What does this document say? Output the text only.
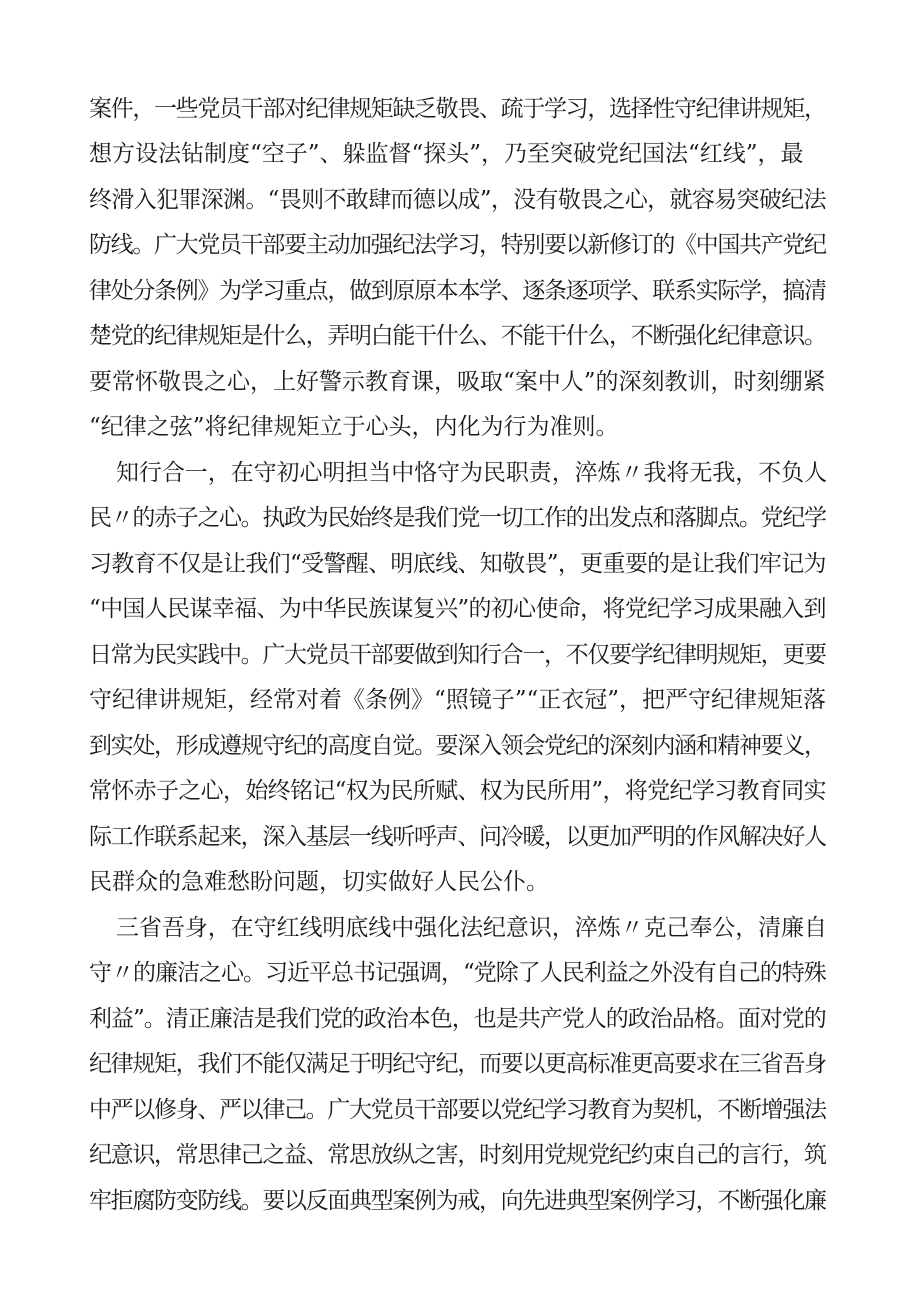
案件，一些党员干部对纪律规矩缺乏敬畏、疏于学习，选择性守纪律讲规矩，
想方设法钻制度“空子”、躲监督“探头”，乃至突破党纪国法“红线”，最
终滑入犯罪深渊。“畏则不敢肆而德以成”，没有敬畏之心，就容易突破纪法
防线。广大党员干部要主动加强纪法学习，特别要以新修订的《中国共产党纪
律处分条例》为学习重点，做到原原本本学、逐条逐项学、联系实际学，搞清
楚党的纪律规矩是什么，弄明白能干什么、不能干什么，不断强化纪律意识。
要常怀敬畏之心，上好警示教育课，吸取“案中人”的深刻教训，时刻绷紧
“纪律之弦”将纪律规矩立于心头，内化为行为准则。
知行合一，在守初心明担当中恪守为民职责，淬炼〃我将无我，不负人
民〃的赤子之心。执政为民始终是我们党一切工作的出发点和落脚点。党纪学
习教育不仅是让我们“受警醒、明底线、知敬畏”，更重要的是让我们牢记为
“中国人民谋幸福、为中华民族谋复兴”的初心使命，将党纪学习成果融入到
日常为民实践中。广大党员干部要做到知行合一，不仅要学纪律明规矩，更要
守纪律讲规矩，经常对着《条例》“照镜子”“正衣冠”，把严守纪律规矩落
到实处，形成遵规守纪的高度自觉。要深入领会党纪的深刻内涵和精神要义，
常怀赤子之心，始终铭记“权为民所赋、权为民所用”，将党纪学习教育同实
际工作联系起来，深入基层一线听呼声、问冷暖，以更加严明的作风解决好人
民群众的急难愁盼问题，切实做好人民公仆。
三省吾身，在守红线明底线中强化法纪意识，淬炼〃克己奉公，清廉自
守〃的廉洁之心。习近平总书记强调，“党除了人民利益之外没有自己的特殊
利益”。清正廉洁是我们党的政治本色，也是共产党人的政治品格。面对党的
纪律规矩，我们不能仅满足于明纪守纪，而要以更高标准更高要求在三省吾身
中严以修身、严以律己。广大党员干部要以党纪学习教育为契机，不断增强法
纪意识，常思律己之益、常思放纵之害，时刻用党规党纪约束自己的言行，筑
牢拒腐防变防线。要以反面典型案例为戒，向先进典型案例学习，不断强化廉
